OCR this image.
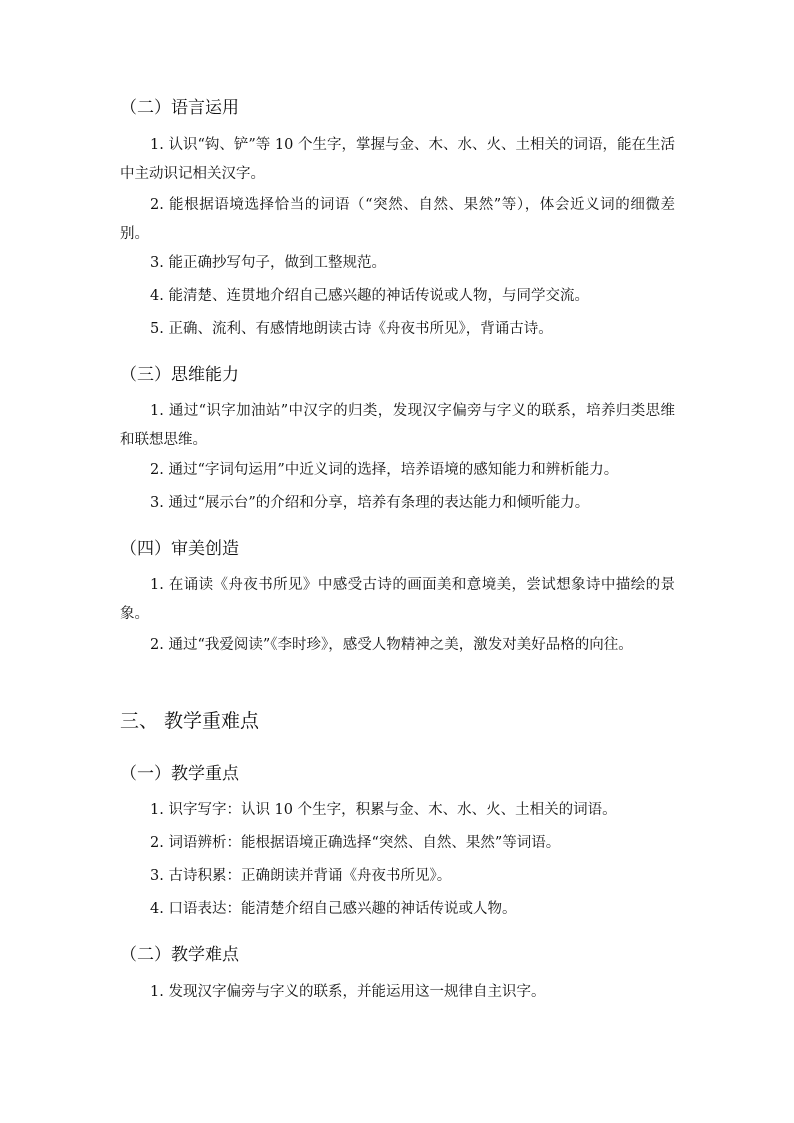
（二）语言运用

1. 认识“钩、铲”等 10 个生字，掌握与金、木、水、火、土相关的词语，能在生活中主动识记相关汉字。

2. 能根据语境选择恰当的词语（“突然、自然、果然”等），体会近义词的细微差别。

3. 能正确抄写句子，做到工整规范。

4. 能清楚、连贯地介绍自己感兴趣的神话传说或人物，与同学交流。

5. 正确、流利、有感情地朗读古诗《舟夜书所见》，背诵古诗。

（三）思维能力

1. 通过“识字加油站”中汉字的归类，发现汉字偏旁与字义的联系，培养归类思维和联想思维。

2. 通过“字词句运用”中近义词的选择，培养语境的感知能力和辨析能力。

3. 通过“展示台”的介绍和分享，培养有条理的表达能力和倾听能力。

（四）审美创造

1. 在诵读《舟夜书所见》中感受古诗的画面美和意境美，尝试想象诗中描绘的景象。

2. 通过“我爱阅读”《李时珍》，感受人物精神之美，激发对美好品格的向往。

三、 教学重难点
（一）教学重点

1. 识字写字：认识 10 个生字，积累与金、木、水、火、土相关的词语。

2. 词语辨析：能根据语境正确选择“突然、自然、果然”等词语。

3. 古诗积累：正确朗读并背诵《舟夜书所见》。

4. 口语表达：能清楚介绍自己感兴趣的神话传说或人物。

（二）教学难点

1. 发现汉字偏旁与字义的联系，并能运用这一规律自主识字。
